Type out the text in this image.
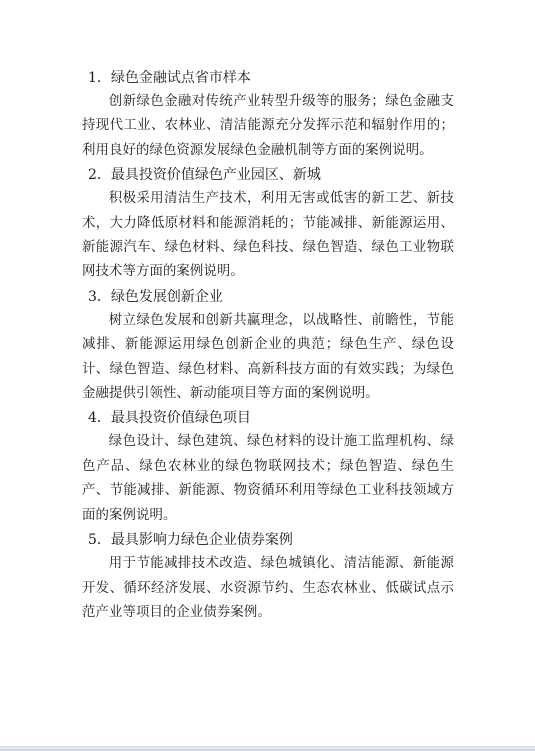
1．绿色金融试点省市样本

创新绿色金融对传统产业转型升级等的服务；绿色金融支持现代工业、农林业、清洁能源充分发挥示范和辐射作用的；利用良好的绿色资源发展绿色金融机制等方面的案例说明。

2．最具投资价值绿色产业园区、新城

积极采用清洁生产技术，利用无害或低害的新工艺、新技术，大力降低原材料和能源消耗的；节能减排、新能源运用、新能源汽车、绿色材料、绿色科技、绿色智造、绿色工业物联网技术等方面的案例说明。

3．绿色发展创新企业

树立绿色发展和创新共赢理念，以战略性、前瞻性，节能减排、新能源运用绿色创新企业的典范；绿色生产、绿色设计、绿色智造、绿色材料、高新科技方面的有效实践；为绿色金融提供引领性、新动能项目等方面的案例说明。

4．最具投资价值绿色项目

绿色设计、绿色建筑、绿色材料的设计施工监理机构、绿色产品、绿色农林业的绿色物联网技术；绿色智造、绿色生产、节能减排、新能源、物资循环利用等绿色工业科技领域方面的案例说明。

5．最具影响力绿色企业债券案例

用于节能减排技术改造、绿色城镇化、清洁能源、新能源开发、循环经济发展、水资源节约、生态农林业、低碳试点示范产业等项目的企业债券案例。
